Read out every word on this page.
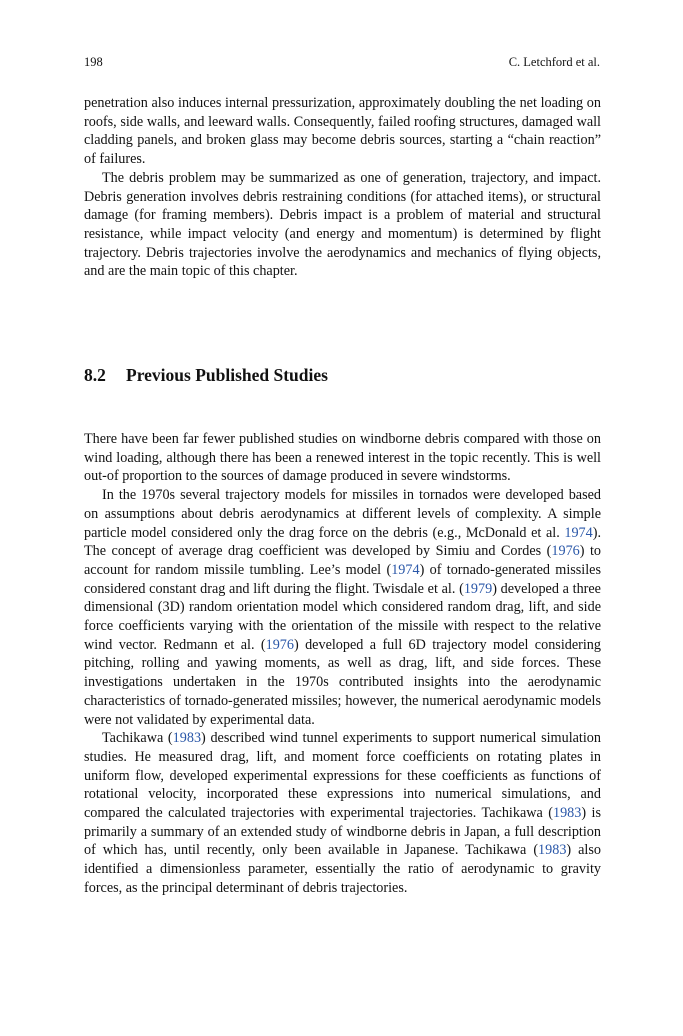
198	C. Letchford et al.

penetration also induces internal pressurization, approximately doubling the net loading on roofs, side walls, and leeward walls. Consequently, failed roofing structures, damaged wall cladding panels, and broken glass may become debris sources, starting a “chain reaction” of failures.

The debris problem may be summarized as one of generation, trajectory, and impact. Debris generation involves debris restraining conditions (for attached items), or structural damage (for framing members). Debris impact is a problem of material and structural resistance, while impact velocity (and energy and momentum) is determined by flight trajectory. Debris trajectories involve the aerodynamics and mechanics of flying objects, and are the main topic of this chapter.

8.2	Previous Published Studies

There have been far fewer published studies on windborne debris compared with those on wind loading, although there has been a renewed interest in the topic recently. This is well out-of proportion to the sources of damage produced in severe windstorms.

In the 1970s several trajectory models for missiles in tornados were developed based on assumptions about debris aerodynamics at different levels of complexity. A simple particle model considered only the drag force on the debris (e.g., McDonald et al. 1974). The concept of average drag coefficient was developed by Simiu and Cordes (1976) to account for random missile tumbling. Lee’s model (1974) of tornado-generated missiles considered constant drag and lift during the flight. Twisdale et al. (1979) developed a three dimensional (3D) random orientation model which considered random drag, lift, and side force coefficients varying with the orientation of the missile with respect to the relative wind vector. Redmann et al. (1976) developed a full 6D trajectory model considering pitching, rolling and yawing moments, as well as drag, lift, and side forces. These investigations undertaken in the 1970s contributed insights into the aerodynamic characteristics of tornado-generated missiles; however, the numerical aerodynamic models were not validated by experimental data.

Tachikawa (1983) described wind tunnel experiments to support numerical simulation studies. He measured drag, lift, and moment force coefficients on rotating plates in uniform flow, developed experimental expressions for these coefficients as functions of rotational velocity, incorporated these expressions into numerical simulations, and compared the calculated trajectories with experimental trajectories. Tachikawa (1983) is primarily a summary of an extended study of windborne debris in Japan, a full description of which has, until recently, only been available in Japanese. Tachikawa (1983) also identified a dimensionless parameter, essentially the ratio of aerodynamic to gravity forces, as the principal determinant of debris trajectories.
